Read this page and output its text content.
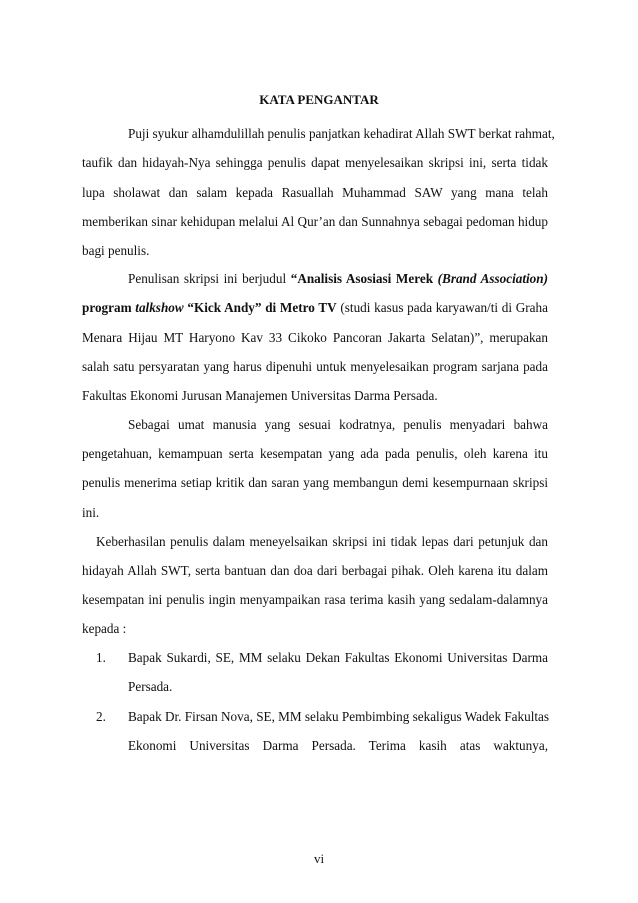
KATA PENGANTAR
Puji syukur alhamdulillah penulis panjatkan kehadirat Allah SWT berkat rahmat,
taufik dan hidayah-Nya sehingga penulis dapat menyelesaikan skripsi ini, serta tidak
lupa sholawat dan salam kepada Rasuallah Muhammad SAW yang mana telah
memberikan sinar kehidupan melalui Al Qur’an dan Sunnahnya sebagai pedoman hidup
bagi penulis.
Penulisan skripsi ini berjudul “Analisis Asosiasi Merek (Brand Association)
program talkshow “Kick Andy” di Metro TV (studi kasus pada karyawan/ti di Graha
Menara Hijau MT Haryono Kav 33 Cikoko Pancoran Jakarta Selatan)”, merupakan
salah satu persyaratan yang harus dipenuhi untuk menyelesaikan program sarjana pada
Fakultas Ekonomi Jurusan Manajemen Universitas Darma Persada.
Sebagai umat manusia yang sesuai kodratnya, penulis menyadari bahwa
pengetahuan, kemampuan serta kesempatan yang ada pada penulis, oleh karena itu
penulis menerima setiap kritik dan saran yang membangun demi kesempurnaan skripsi
ini.
Keberhasilan penulis dalam meneyelsaikan skripsi ini tidak lepas dari petunjuk dan
hidayah Allah SWT, serta bantuan dan doa dari berbagai pihak. Oleh karena itu dalam
kesempatan ini penulis ingin menyampaikan rasa terima kasih yang sedalam-dalamnya
kepada :
1. Bapak Sukardi, SE, MM selaku Dekan Fakultas Ekonomi Universitas Darma
Persada.
2. Bapak Dr. Firsan Nova, SE, MM selaku Pembimbing sekaligus Wadek Fakultas
Ekonomi Universitas Darma Persada. Terima kasih atas waktunya,
vi
